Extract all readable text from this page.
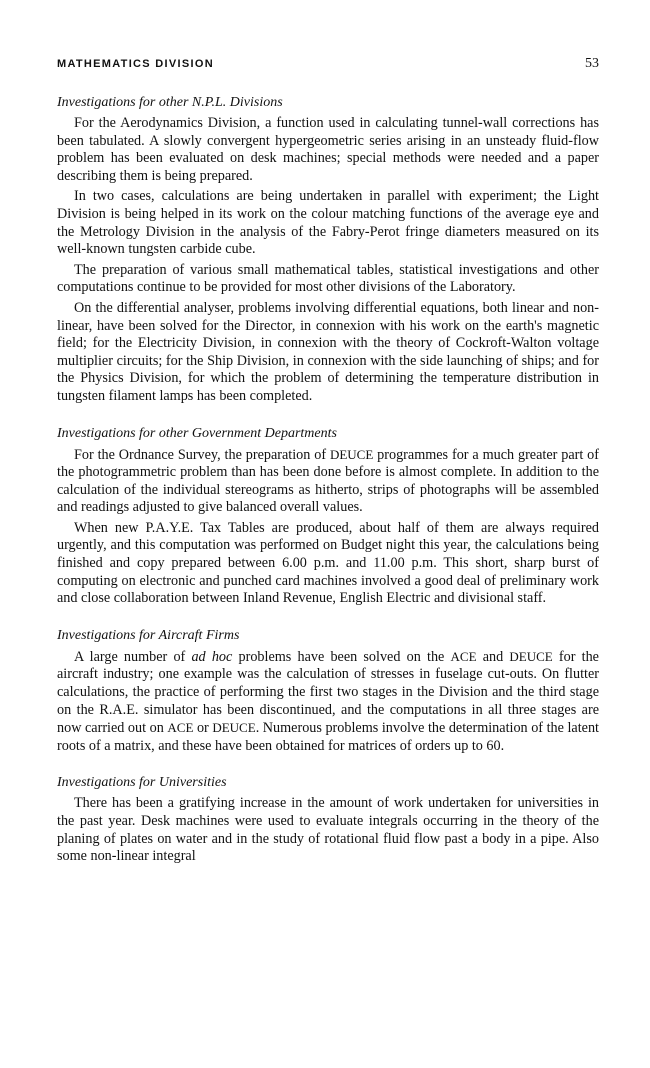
MATHEMATICS DIVISION	53
Investigations for other N.P.L. Divisions

For the Aerodynamics Division, a function used in calculating tunnel-wall corrections has been tabulated. A slowly convergent hypergeometric series arising in an unsteady fluid-flow problem has been evaluated on desk machines; special methods were needed and a paper describing them is being prepared.

In two cases, calculations are being undertaken in parallel with experiment; the Light Division is being helped in its work on the colour matching functions of the average eye and the Metrology Division in the analysis of the Fabry-Perot fringe diameters measured on its well-known tungsten carbide cube.

The preparation of various small mathematical tables, statistical investigations and other computations continue to be provided for most other divisions of the Laboratory.

On the differential analyser, problems involving differential equations, both linear and non-linear, have been solved for the Director, in connexion with his work on the earth's magnetic field; for the Electricity Division, in connexion with the theory of Cockroft-Walton voltage multiplier circuits; for the Ship Division, in connexion with the side launching of ships; and for the Physics Division, for which the problem of determining the temperature distribution in tungsten filament lamps has been completed.

Investigations for other Government Departments

For the Ordnance Survey, the preparation of DEUCE programmes for a much greater part of the photogrammetric problem than has been done before is almost complete. In addition to the calculation of the individual stereograms as hitherto, strips of photographs will be assembled and readings adjusted to give balanced overall values.

When new P.A.Y.E. Tax Tables are produced, about half of them are always required urgently, and this computation was performed on Budget night this year, the calculations being finished and copy prepared between 6.00 p.m. and 11.00 p.m. This short, sharp burst of computing on electronic and punched card machines involved a good deal of preliminary work and close collaboration between Inland Revenue, English Electric and divisional staff.

Investigations for Aircraft Firms

A large number of ad hoc problems have been solved on the ACE and DEUCE for the aircraft industry; one example was the calculation of stresses in fuselage cut-outs. On flutter calculations, the practice of performing the first two stages in the Division and the third stage on the R.A.E. simulator has been discontinued, and the computations in all three stages are now carried out on ACE or DEUCE. Numerous problems involve the determination of the latent roots of a matrix, and these have been obtained for matrices of orders up to 60.

Investigations for Universities

There has been a gratifying increase in the amount of work undertaken for universities in the past year. Desk machines were used to evaluate integrals occurring in the theory of the planing of plates on water and in the study of rotational fluid flow past a body in a pipe. Also some non-linear integral
